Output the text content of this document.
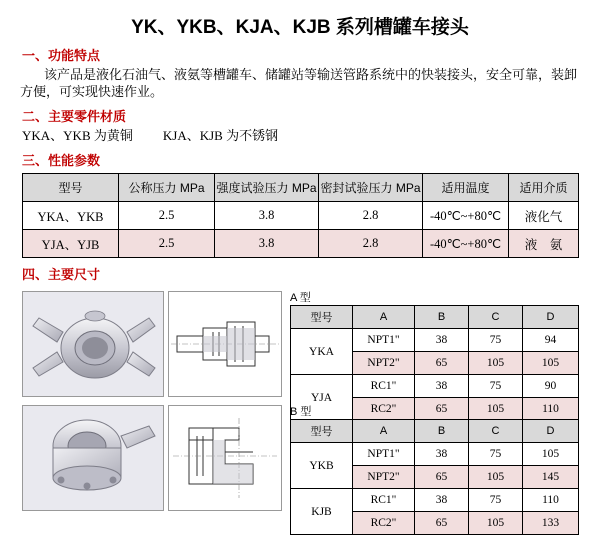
YK、YKB、KJA、KJB 系列槽罐车接头
一、功能特点
该产品是液化石油气、液氨等槽罐车、储罐站等输送管路系统中的快装接头，安全可靠，装卸方便，可实现快速作业。
二、主要零件材质
YKA、YKB 为黄铜 KJA、KJB 为不锈钢
三、性能参数
型号	公称压力 MPa	强度试验压力 MPa	密封试验压力 MPa	适用温度	适用介质
YKA、YKB	2.5	3.8	2.8	-40℃~+80℃	液化气
YJA、YJB	2.5	3.8	2.8	-40℃~+80℃	液　氨
四、主要尺寸
A 型
型号	A	B	C	D
YKA	NPT1"	38	75	94
	NPT2"	65	105	105
YJA	RC1"	38	75	90
	RC2"	65	105	110
B 型
型号	A	B	C	D
YKB	NPT1"	38	75	105
	NPT2"	65	105	145
KJB	RC1"	38	75	110
	RC2"	65	105	133
